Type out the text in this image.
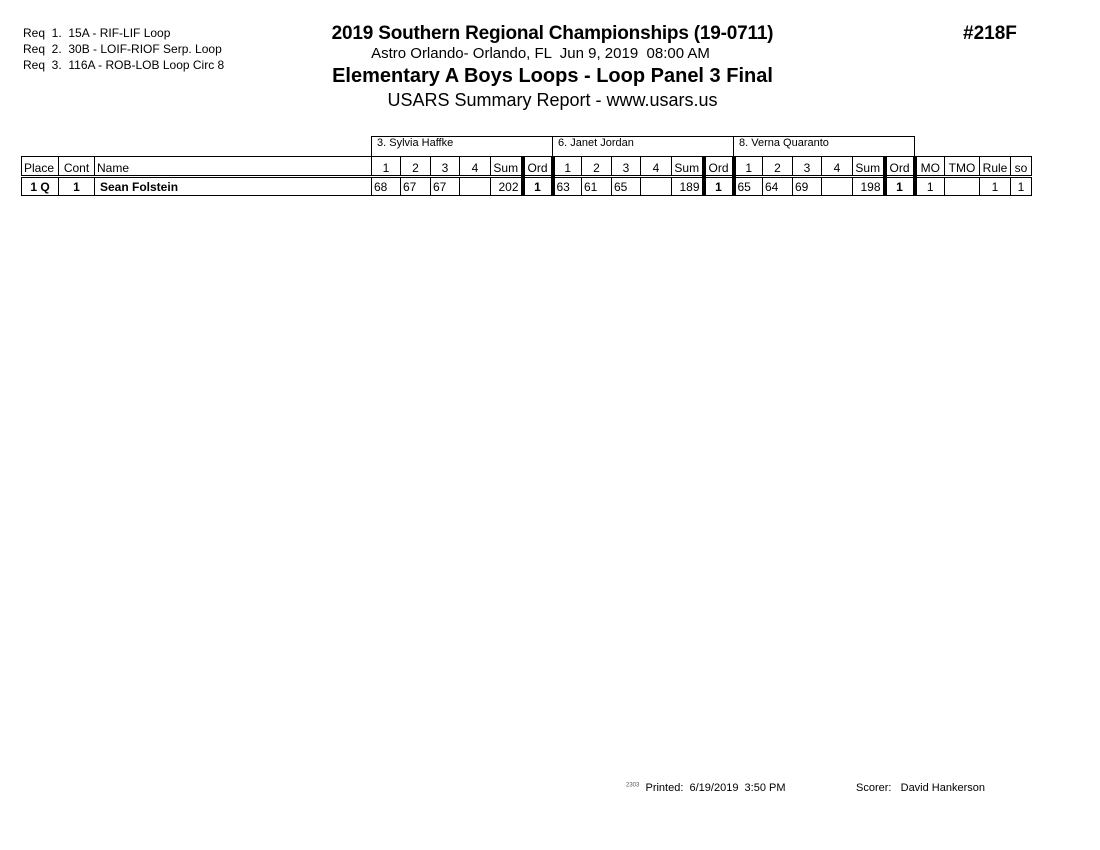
Req  1.  15A - RIF-LIF Loop
Req  2.  30B - LOIF-RIOF Serp. Loop
Req  3.  116A - ROB-LOB Loop Circ 8
2019 Southern Regional Championships (19-0711)
Astro Orlando- Orlando, FL  Jun 9, 2019  08:00 AM
Elementary A Boys Loops - Loop Panel 3 Final
USARS Summary Report - www.usars.us
#218F
			3. Sylvia Haffke						6. Janet Jordan						8. Verna Quaranto									
Place	Cont	Name	1	2	3	4	Sum	Ord	1	2	3	4	Sum	Ord	1	2	3	4	Sum	Ord	MO	TMO	Rule	so
1 Q	1	Sean Folstein	68	67	67		202	1	63	61	65		189	1	65	64	69		198	1	1		1	1
$^{2303}$ Printed:  6/19/2019  3:50 PM	Scorer:   David Hankerson
